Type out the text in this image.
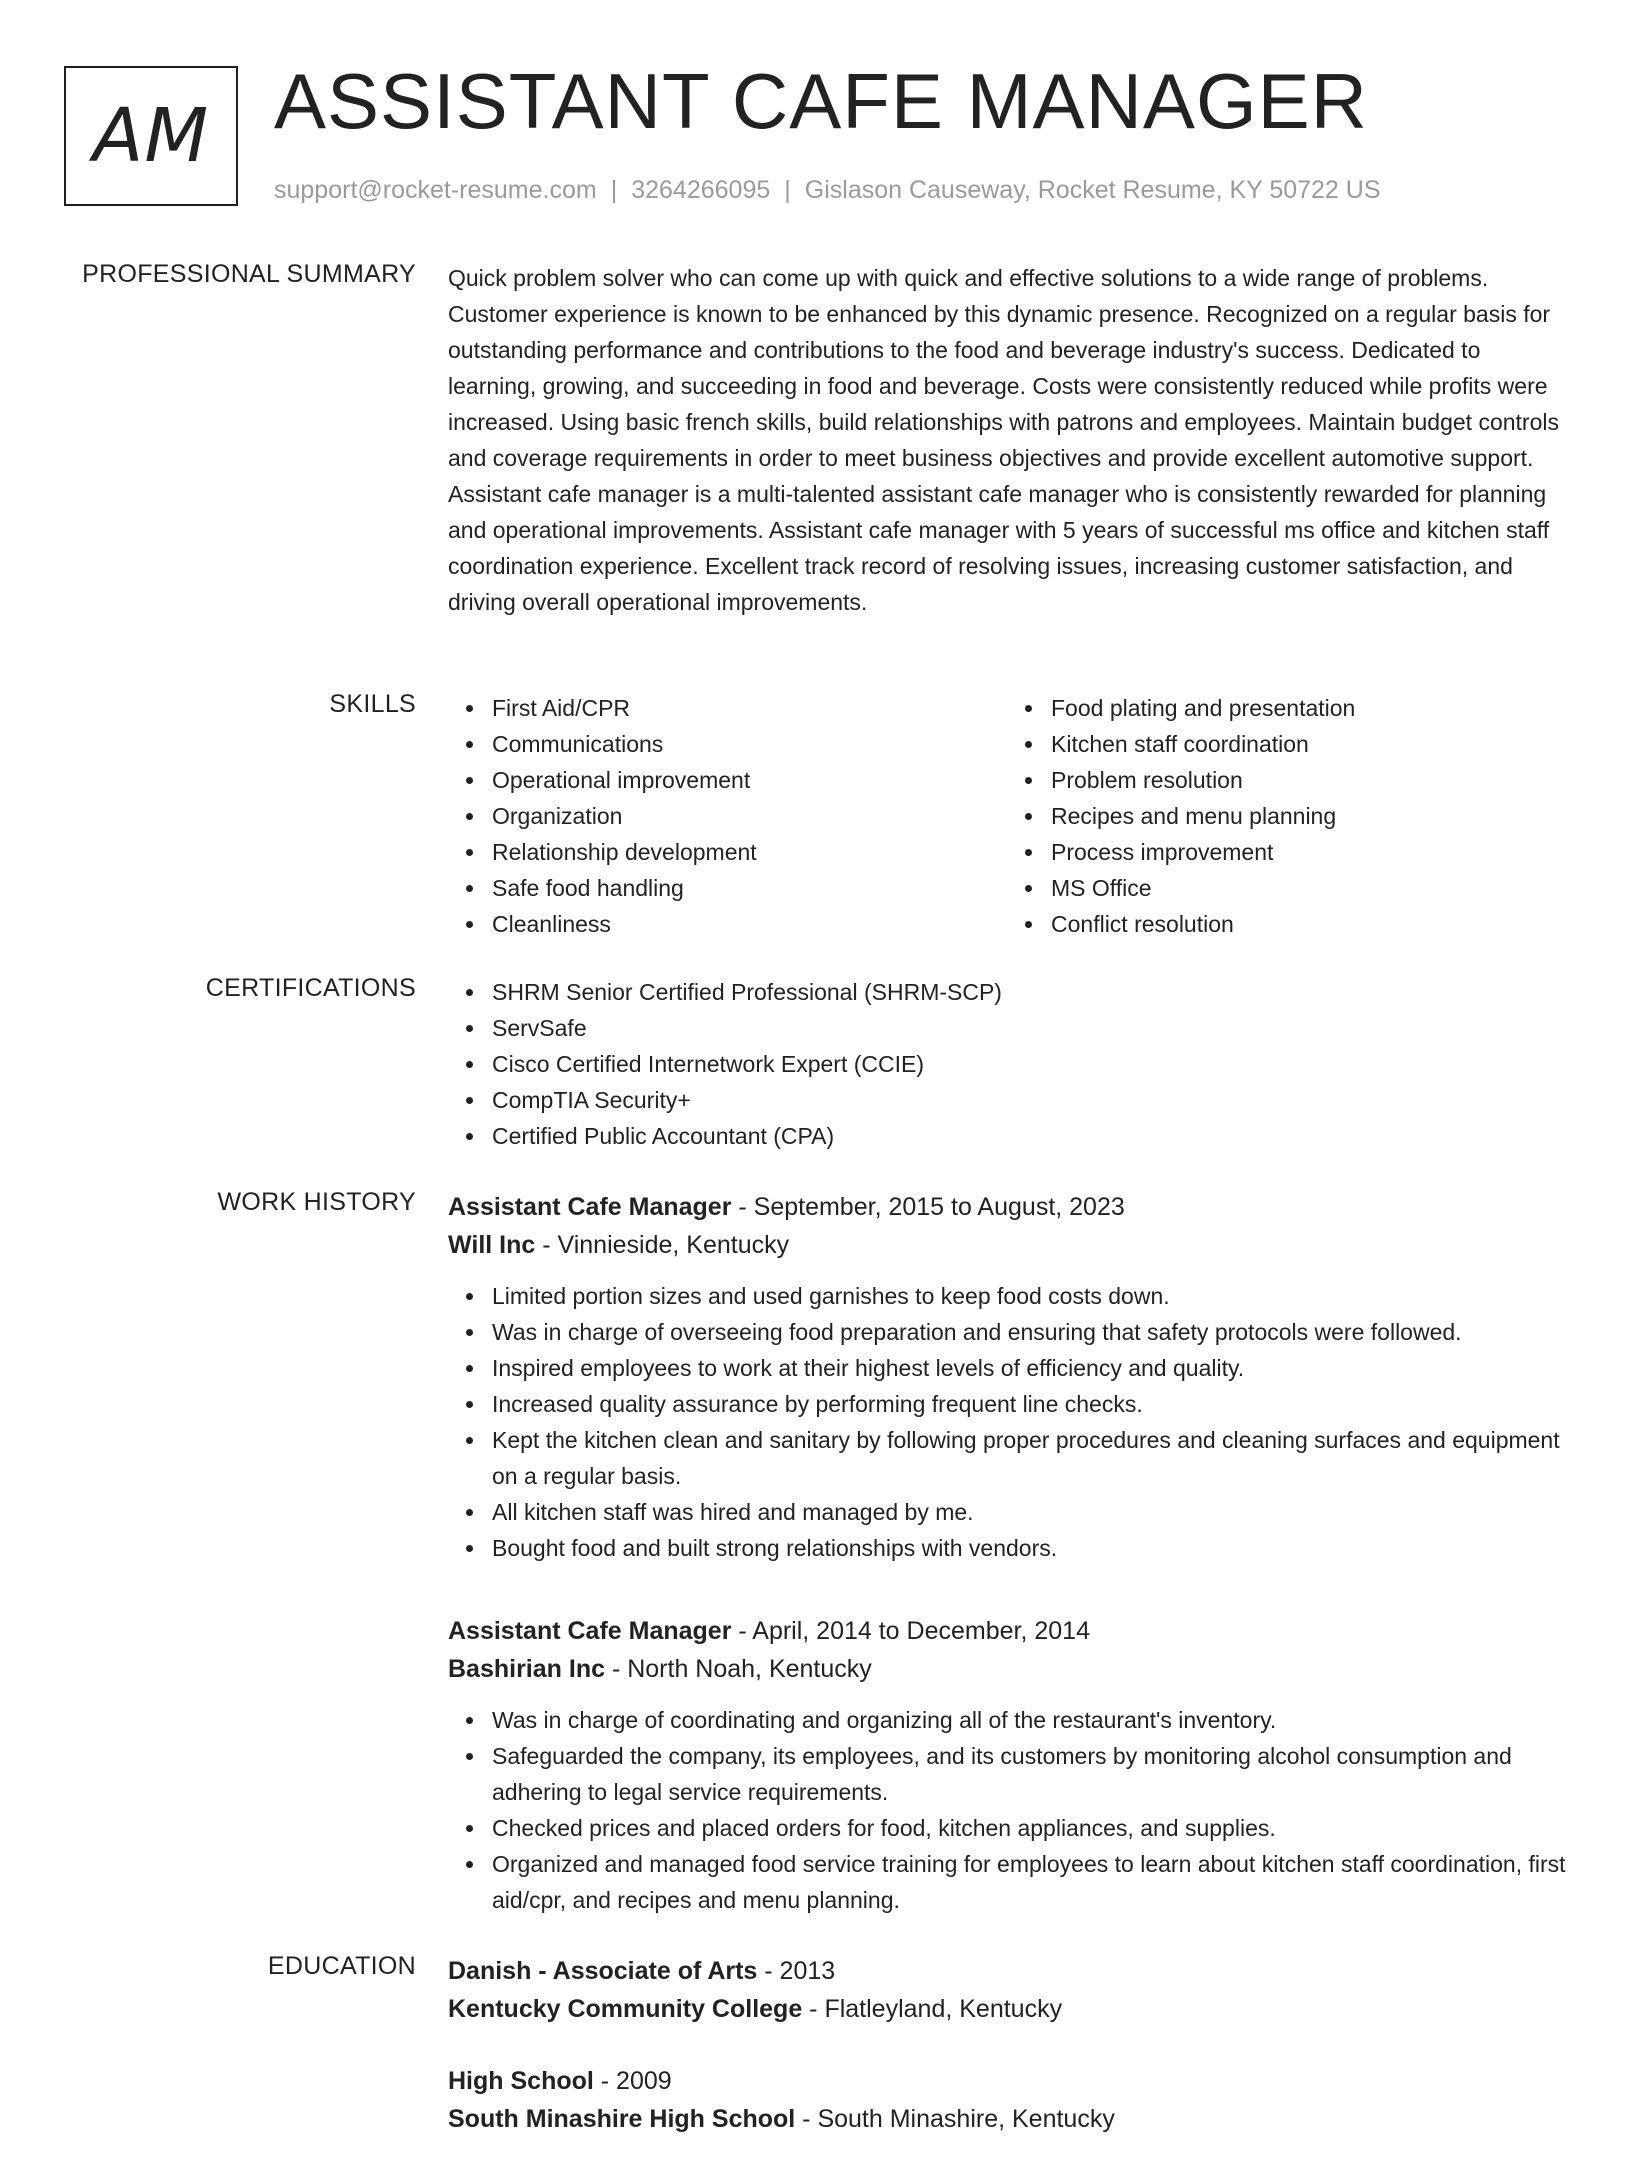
AM ASSISTANT CAFE MANAGER
support@rocket-resume.com | 3264266095 | Gislason Causeway, Rocket Resume, KY 50722 US
PROFESSIONAL SUMMARY Quick problem solver who can come up with quick and effective solutions to a wide range of problems. Customer experience is known to be enhanced by this dynamic presence. Recognized on a regular basis for outstanding performance and contributions to the food and beverage industry's success. Dedicated to learning, growing, and succeeding in food and beverage. Costs were consistently reduced while profits were increased. Using basic french skills, build relationships with patrons and employees. Maintain budget controls and coverage requirements in order to meet business objectives and provide excellent automotive support. Assistant cafe manager is a multi-talented assistant cafe manager who is consistently rewarded for planning and operational improvements. Assistant cafe manager with 5 years of successful ms office and kitchen staff coordination experience. Excellent track record of resolving issues, increasing customer satisfaction, and driving overall operational improvements.

SKILLS	First Aid/CPR
Communications
Operational improvement
Organization
Relationship development
Safe food handling
Cleanliness
Food plating and presentation
Kitchen staff coordination
Problem resolution
Recipes and menu planning
Process improvement
MS Office
Conflict resolution
CERTIFICATIONS	SHRM Senior Certified Professional (SHRM-SCP)
ServSafe
Cisco Certified Internetwork Expert (CCIE)
CompTIA Security+
Certified Public Accountant (CPA)
WORK HISTORY Assistant Cafe Manager - September, 2015 to August, 2023
Will Inc - Vinnieside, Kentucky
Limited portion sizes and used garnishes to keep food costs down.
Was in charge of overseeing food preparation and ensuring that safety protocols were followed.
Inspired employees to work at their highest levels of efficiency and quality.
Increased quality assurance by performing frequent line checks.
Kept the kitchen clean and sanitary by following proper procedures and cleaning surfaces and equipment on a regular basis.
All kitchen staff was hired and managed by me.
Bought food and built strong relationships with vendors.
Assistant Cafe Manager - April, 2014 to December, 2014
Bashirian Inc - North Noah, Kentucky
Was in charge of coordinating and organizing all of the restaurant's inventory.
Safeguarded the company, its employees, and its customers by monitoring alcohol consumption and adhering to legal service requirements.
Checked prices and placed orders for food, kitchen appliances, and supplies.
Organized and managed food service training for employees to learn about kitchen staff coordination, first aid/cpr, and recipes and menu planning.
EDUCATION Danish - Associate of Arts - 2013
Kentucky Community College - Flatleyland, Kentucky
High School - 2009
South Minashire High School - South Minashire, Kentucky
